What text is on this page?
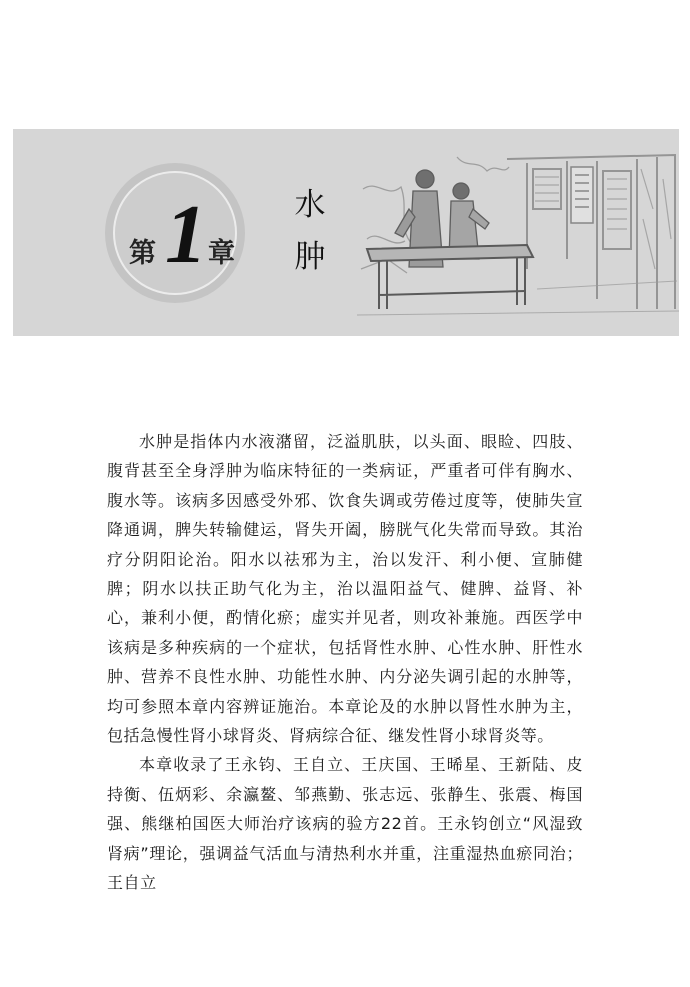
第 1 章
水
肿

水肿是指体内水液潴留，泛溢肌肤，以头面、眼睑、四肢、腹背甚至全身浮肿为临床特征的一类病证，严重者可伴有胸水、腹水等。该病多因感受外邪、饮食失调或劳倦过度等，使肺失宣降通调，脾失转输健运，肾失开阖，膀胱气化失常而导致。其治疗分阴阳论治。阳水以祛邪为主，治以发汗、利小便、宣肺健脾；阴水以扶正助气化为主，治以温阳益气、健脾、益肾、补心，兼利小便，酌情化瘀；虚实并见者，则攻补兼施。西医学中该病是多种疾病的一个症状，包括肾性水肿、心性水肿、肝性水肿、营养不良性水肿、功能性水肿、内分泌失调引起的水肿等，均可参照本章内容辨证施治。本章论及的水肿以肾性水肿为主，包括急慢性肾小球肾炎、肾病综合征、继发性肾小球肾炎等。

本章收录了王永钧、王自立、王庆国、王晞星、王新陆、皮持衡、伍炳彩、余瀛鳌、邹燕勤、张志远、张静生、张震、梅国强、熊继柏国医大师治疗该病的验方22首。王永钧创立“风湿致肾病”理论，强调益气活血与清热利水并重，注重湿热血瘀同治；王自立
